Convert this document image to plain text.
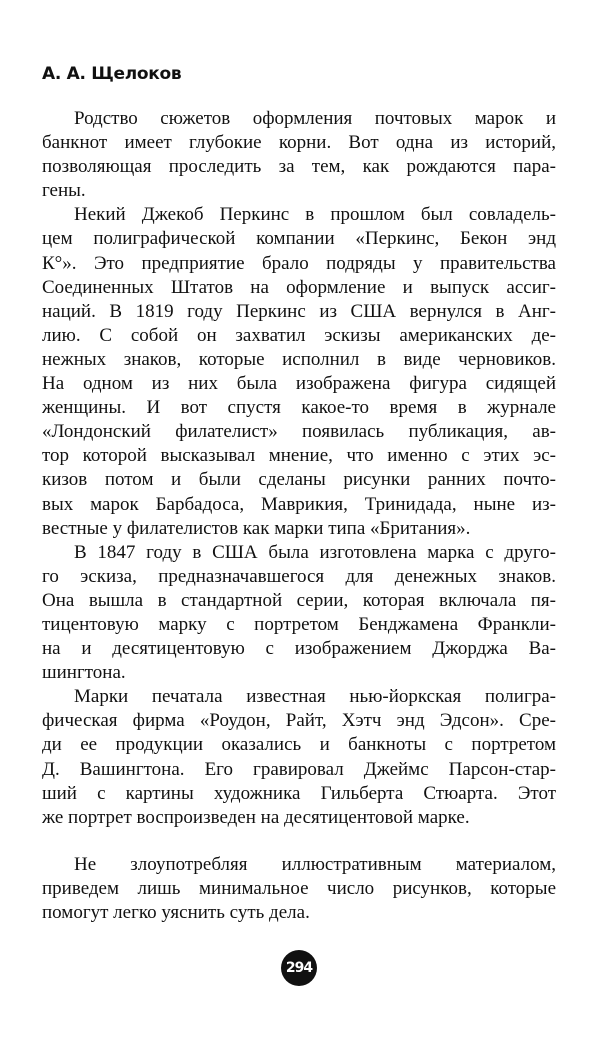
А. А. Щелоков
Родство сюжетов оформления почтовых марок и
банкнот имеет глубокие корни. Вот одна из историй,
позволяющая проследить за тем, как рождаются пара-
гены.
Некий Джекоб Перкинс в прошлом был совладель-
цем полиграфической компании «Перкинс, Бекон энд
К°». Это предприятие брало подряды у правительства
Соединенных Штатов на оформление и выпуск ассиг-
наций. В 1819 году Перкинс из США вернулся в Анг-
лию. С собой он захватил эскизы американских де-
нежных знаков, которые исполнил в виде черновиков.
На одном из них была изображена фигура сидящей
женщины. И вот спустя какое-то время в журнале
«Лондонский филателист» появилась публикация, ав-
тор которой высказывал мнение, что именно с этих эс-
кизов потом и были сделаны рисунки ранних почто-
вых марок Барбадоса, Маврикия, Тринидада, ныне из-
вестные у филателистов как марки типа «Британия».
В 1847 году в США была изготовлена марка с друго-
го эскиза, предназначавшегося для денежных знаков.
Она вышла в стандартной серии, которая включала пя-
тицентовую марку с портретом Бенджамена Франкли-
на и десятицентовую с изображением Джорджа Ва-
шингтона.
Марки печатала известная нью-йоркская полигра-
фическая фирма «Роудон, Райт, Хэтч энд Эдсон». Сре-
ди ее продукции оказались и банкноты с портретом
Д. Вашингтона. Его гравировал Джеймс Парсон-стар-
ший с картины художника Гильберта Стюарта. Этот
же портрет воспроизведен на десятицентовой марке.
Не злоупотребляя иллюстративным материалом,
приведем лишь минимальное число рисунков, которые
помогут легко уяснить суть дела.
294
